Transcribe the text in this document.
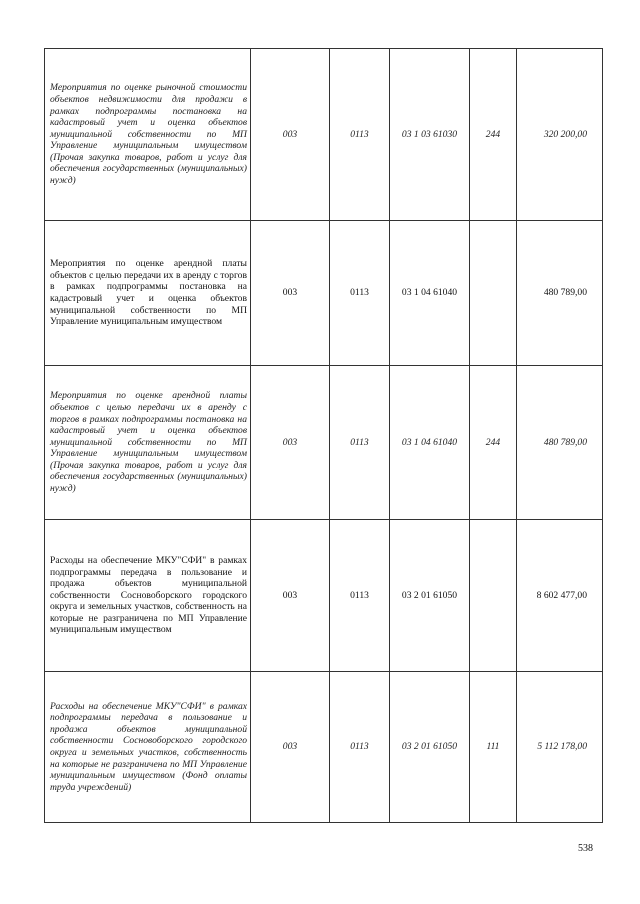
Мероприятия по оценке рыночной стоимости объектов недвижимости для продажи в рамках подпрограммы постановка на кадастровый учет и оценка объектов муниципальной собственности по МП Управление муниципальным имуществом (Прочая закупка товаров, работ и услуг для обеспечения государственных (муниципальных) нужд)	003	0113	03 1 03 61030	244	320 200,00

Мероприятия по оценке арендной платы объектов с целью передачи их в аренду с торгов в рамках подпрограммы постановка на кадастровый учет и оценка объектов муниципальной собственности по МП Управление муниципальным имуществом	003	0113	03 1 04 61040		480 789,00

Мероприятия по оценке арендной платы объектов с целью передачи их в аренду с торгов в рамках подпрограммы постановка на кадастровый учет и оценка объектов муниципальной собственности по МП Управление муниципальным имуществом (Прочая закупка товаров, работ и услуг для обеспечения государственных (муниципальных) нужд)	003	0113	03 1 04 61040	244	480 789,00

Расходы на обеспечение МКУ"СФИ" в рамках подпрограммы передача в пользование и продажа объектов муниципальной собственности Сосновоборского городского округа и земельных участков, собственность на которые не разграничена по МП Управление муниципальным имуществом	003	0113	03 2 01 61050		8 602 477,00

Расходы на обеспечение МКУ"СФИ" в рамках подпрограммы передача в пользование и продажа объектов муниципальной собственности Сосновоборского городского округа и земельных участков, собственность на которые не разграничена по МП Управление муниципальным имуществом (Фонд оплаты труда учреждений)	003	0113	03 2 01 61050	111	5 112 178,00
538
